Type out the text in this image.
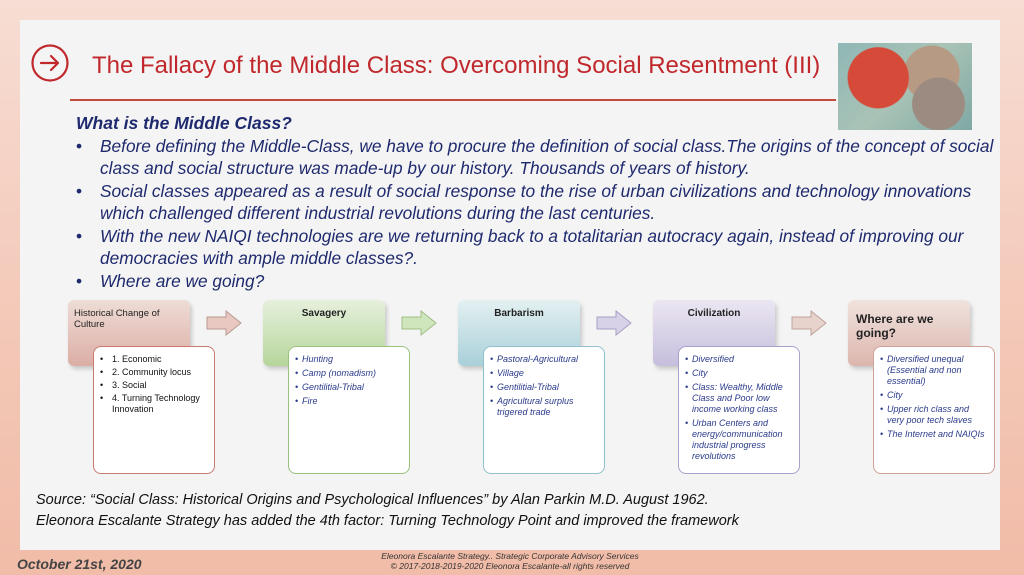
The Fallacy of the Middle Class: Overcoming Social Resentment (III)
What is the Middle Class?
• Before defining the Middle-Class, we have to procure the definition of social class.The origins of the concept of social class and social structure was made-up by our history. Thousands of years of history.
• Social classes appeared as a result of social response to the rise of urban civilizations and technology innovations which challenged different industrial revolutions during the last centuries.
• With the new NAIQI technologies are we returning back to a totalitarian autocracy again, instead of improving our democracies with ample middle classes?.
• Where are we going?
Historical Change of Culture
Savagery	Barbarism	Civilization	Where are we going?
• 1. Economic
• 2. Community locus
• 3. Social
• 4. Turning Technology Innovation
• Hunting
• Camp (nomadism)
• Gentilitial-Tribal
• Fire
• Pastoral-Agricultural
• Village
• Gentilitial-Tribal
• Agricultural surplus trigered trade
• Diversified
• City
• Class: Wealthy, Middle Class and Poor low income working class
• Urban Centers and energy/communication industrial progress revolutions
• Diversified unequal (Essential and non essential)
• City
• Upper rich class and very poor tech slaves
• The Internet and NAIQIs
Source: “Social Class: Historical Origins and Psychological Influences” by Alan Parkin M.D. August 1962.
Eleonora Escalante Strategy has added the 4th factor: Turning Technology Point and improved the framework
October 21st, 2020	Eleonora Escalante Strategy.. Strategic Corporate Advisory Services
© 2017-2018-2019-2020 Eleonora Escalante-all rights reserved
